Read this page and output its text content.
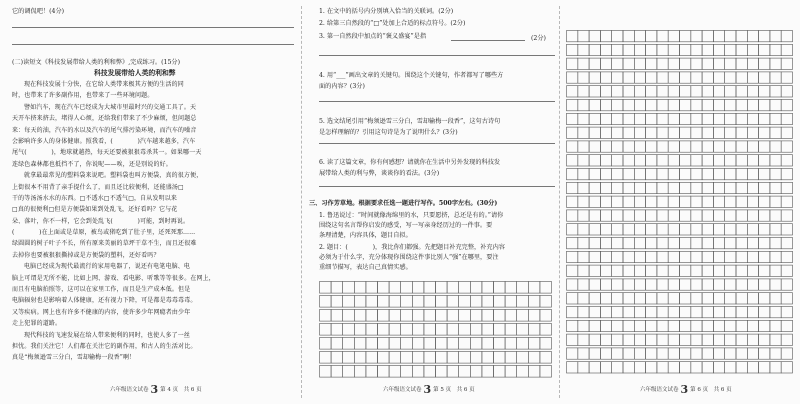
它的调侃吧！(4分)
(二)读短文《科技发展带给人类的利和弊》,完成练习。(15分)
科技发展带给人类的利和弊
现在科技发展十分快，在它给人类带来极其方便的生活的同
时，也带来了许多副作用，也带来了一些环境问题。
譬如汽车，现在汽车已经成为大城市里最时兴的交通工具了。天
天开车挤来挤去，堵得人心烦，还给我们带来了不少麻烦，但问题总
来：每天的油，汽车的水以及汽车的尾气排污染环境，而汽车的噪音
会影响许多人的身体健康。照我看，(　　　　)汽车越来越多，汽车
尾气(　　　　)，地球就越热，每天还要被狠狠毒杀其一。如果哪一天
连绿色森林都也抵挡不了，你说呢——唉，还是别说的好。
就拿最最常见的塑料袋来说吧。塑料袋也叫方便袋，真的很方便，
上街很本不用背了亲手提什么了，而且还比较便利，还能盛汤□
干的等汤汤水水的东西。□不透水□不透气□，自从发明以来
□真的很便利□但是方便袋如果到处乱飞，还好看吗？它与花
朵、落叶，你不一样，它会到处乱飞(　　　　)可能，到时再说。
(　　　　)在上面或是草原，被鸟或猪吃到了肚子里，还死死那……
绿圆圆的树子叶子不长，所有原来美丽的草坪干草不生，而且还很难
去掉你也要被狠狠撕掉或是方便袋的塑料，还好看吗？
电脑已经成为现代最流行的家用电器了，说还有电笔电脑、电
脑上可谓是无所不能，比如上网、游戏、看电影、听歌等等很多。在网上，
而且有电脑拍照等，这可以在家里工作，而且是生产成本低。但是
电脑辐射也是影响着人体健康，还有视力下降，可是都是毒毒毒毒。
又等疾病。网上也有许多不健康的内容，使许多少年网瘾者由少年
走上犯罪的道路。
现代科技的飞速发展在给人带来便利的同时，也使人多了一丝
担忧。我们关注它！人们都在关注它的副作用，和古人的生活对比。
真是“梅须逊雪三分白，雪却输梅一段香”啊！
六年级语文试卷 3 第 4 页　共 6 页
1. 在文中的括号内分别填入恰当的关联词。(2分)
2. 给第三自然段的“□”处加上合适的标点符号。(2分)
3. 第一自然段中加点的“褒义盛宴”是指	(2分)
4. 用“___”画出文章的关键句。围绕这个关键句，作者都写了哪些方
面的内容？(3分)
5. 选文结尾引用“梅须逊雪三分白，雪却输梅一段香”，这句古诗句
是怎样理解的？引用这句诗是为了说明什么？(3分)
6. 读了这篇文章，你有何感想？请就你在生活中另外发现的科技发
展带给人类的利与弊，谈谈你的看法。(3分)
三、习作芳草地。根据要求任选一题进行写作。500字左右。(30分)
1. 鲁迅说过：“时间就像海绵里的水，只要愿挤，总还是有的。”请你
围绕这句名言帮你启发的感受，写一写亲身经历过的一件事。要
条理清楚，内容具体，题目自拟。
2. 题目：(　　　　)，我比你们都强。先把题目补充完整，补充内容
必须为于什么字，充分体现你围绕这件事比别人“强”在哪里，要注
重细节描写，表达自己真情实感。
六年级语文试卷 3 第 5 页　共 6 页	六年级语文试卷 3 第 6 页　共 6 页
